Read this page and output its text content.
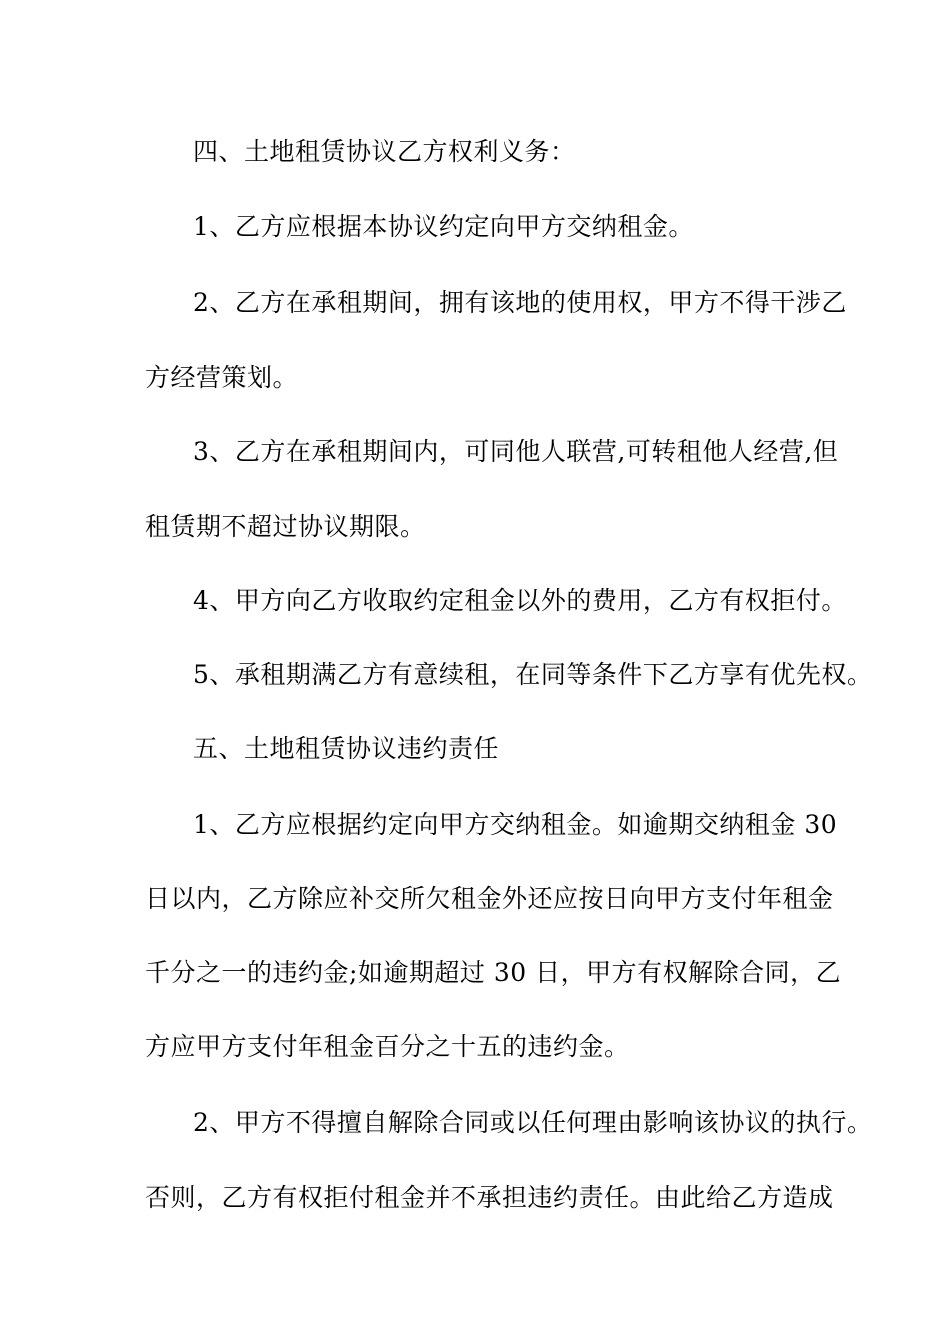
四、土地租赁协议乙方权利义务：
1、乙方应根据本协议约定向甲方交纳租金。
2、乙方在承租期间，拥有该地的使用权，甲方不得干涉乙
方经营策划。
3、乙方在承租期间内，可同他人联营,可转租他人经营,但
租赁期不超过协议期限。
4、甲方向乙方收取约定租金以外的费用，乙方有权拒付。
5、承租期满乙方有意续租，在同等条件下乙方享有优先权。
五、土地租赁协议违约责任
1、乙方应根据约定向甲方交纳租金。如逾期交纳租金 30
日以内，乙方除应补交所欠租金外还应按日向甲方支付年租金
千分之一的违约金;如逾期超过 30 日，甲方有权解除合同，乙
方应甲方支付年租金百分之十五的违约金。
2、甲方不得擅自解除合同或以任何理由影响该协议的执行。
否则，乙方有权拒付租金并不承担违约责任。由此给乙方造成
